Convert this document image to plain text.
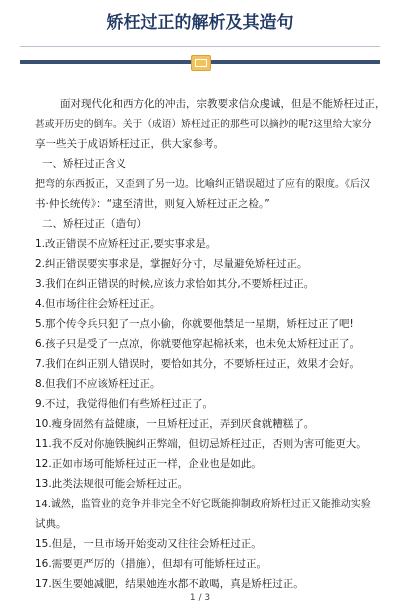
矫枉过正的解析及其造句
面对现代化和西方化的冲击，宗教要求信众虔诚，但是不能矫枉过正，
甚或开历史的倒车。关于（成语）矫枉过正的那些可以摘抄的呢?这里给大家分
享一些关于成语矫枉过正，供大家参考。
一、矫枉过正含义
把弯的东西扳正，又歪到了另一边。比喻纠正错误超过了应有的限度。《后汉
书·仲长统传》：“逮至清世，则复入矫枉过正之检。”
二、矫枉过正（造句）
1.改正错误不应矫枉过正,要实事求是。
2.纠正错误要实事求是，掌握好分寸，尽量避免矫枉过正。
3.我们在纠正错误的时候,应该力求恰如其分,不要矫枉过正。
4.但市场往往会矫枉过正。
5.那个传令兵只犯了一点小偷，你就要他禁足一星期，矫枉过正了吧!
6.孩子只是受了一点凉，你就要他穿起棉袄来，也未免太矫枉过正了。
7.我们在纠正别人错误时，要恰如其分，不要矫枉过正，效果才会好。
8.但我们不应该矫枉过正。
9.不过，我觉得他们有些矫枉过正了。
10.瘦身固然有益健康，一旦矫枉过正，弄到厌食就糟糕了。
11.我不反对你施铁腕纠正弊端，但切忌矫枉过正，否则为害可能更大。
12.正如市场可能矫枉过正一样，企业也是如此。
13.此类法规很可能会矫枉过正。
14.诚然，监管业的竞争并非完全不好它既能抑制政府矫枉过正又能推动实验
试典。
15.但是，一旦市场开始变动又往往会矫枉过正。
16.需要更严厉的（措施），但却有可能矫枉过正。
17.医生要她减肥，结果她连水都不敢喝，真是矫枉过正。
1 / 3
